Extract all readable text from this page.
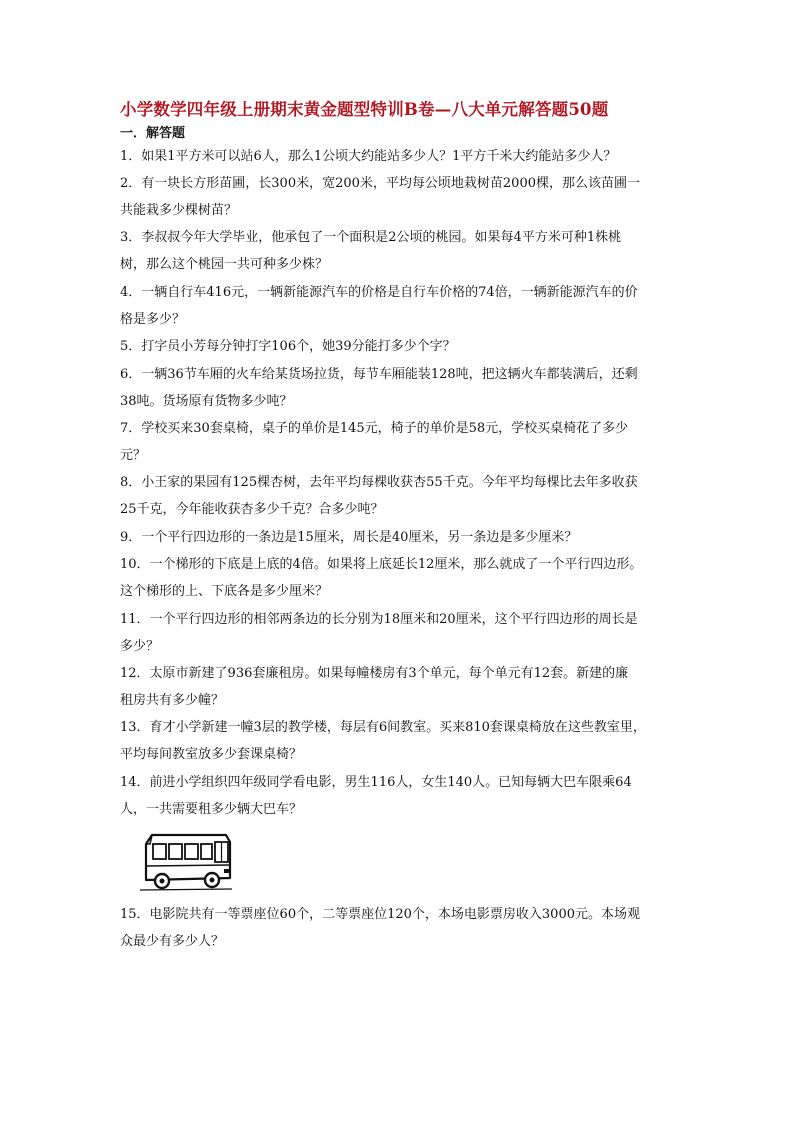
小学数学四年级上册期末黄金题型特训B卷—八大单元解答题50题
一．解答题
1．如果1平方米可以站6人，那么1公顷大约能站多少人？1平方千米大约能站多少人？
2．有一块长方形苗圃，长300米，宽200米，平均每公顷地栽树苗2000棵，那么该苗圃一
共能栽多少棵树苗？
3．李叔叔今年大学毕业，他承包了一个面积是2公顷的桃园。如果每4平方米可种1株桃
树，那么这个桃园一共可种多少株？
4．一辆自行车416元，一辆新能源汽车的价格是自行车价格的74倍，一辆新能源汽车的价
格是多少？
5．打字员小芳每分钟打字106个，她39分能打多少个字？
6．一辆36节车厢的火车给某货场拉货，每节车厢能装128吨，把这辆火车都装满后，还剩
38吨。货场原有货物多少吨？
7．学校买来30套桌椅，桌子的单价是145元，椅子的单价是58元，学校买桌椅花了多少
元？
8．小王家的果园有125棵杏树，去年平均每棵收获杏55千克。今年平均每棵比去年多收获
25千克，今年能收获杏多少千克？合多少吨？
9．一个平行四边形的一条边是15厘米，周长是40厘米，另一条边是多少厘米？
10．一个梯形的下底是上底的4倍。如果将上底延长12厘米，那么就成了一个平行四边形。
这个梯形的上、下底各是多少厘米？
11．一个平行四边形的相邻两条边的长分别为18厘米和20厘米，这个平行四边形的周长是
多少？
12．太原市新建了936套廉租房。如果每幢楼房有3个单元，每个单元有12套。新建的廉
租房共有多少幢？
13．育才小学新建一幢3层的教学楼，每层有6间教室。买来810套课桌椅放在这些教室里，
平均每间教室放多少套课桌椅？
14．前进小学组织四年级同学看电影，男生116人，女生140人。已知每辆大巴车限乘64
人，一共需要租多少辆大巴车？
15．电影院共有一等票座位60个，二等票座位120个，本场电影票房收入3000元。本场观
众最少有多少人？
